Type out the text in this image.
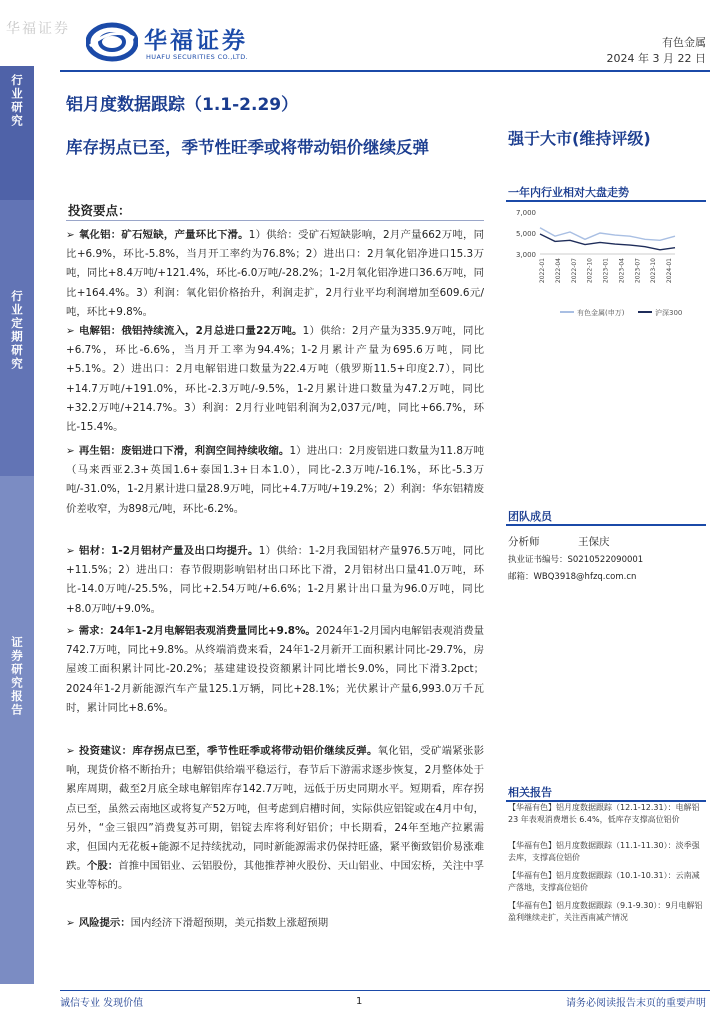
华福证券	华福证券
HUAFU SECURITIES CO.,LTD.
有色金属
2024 年 3 月 22 日
行业研究
行业定期研究
证券研究报告
铝月度数据跟踪（1.1-2.29）
库存拐点已至，季节性旺季或将带动铝价继续反弹	强于大市(维持评级)
投资要点：
➢ 氧化铝：矿石短缺，产量环比下滑。1）供给：受矿石短缺影响，2月产量662万吨，同比+6.9%，环比-5.8%，当月开工率约为76.8%；2）进出口：2月氧化铝净进口15.3万吨，同比+8.4万吨/+121.4%，环比-6.0万吨/-28.2%；1-2月氧化铝净进口36.6万吨，同比+164.4%。3）利润：氧化铝价格抬升，利润走扩，2月行业平均利润增加至609.6元/吨，环比+9.8%。
➢ 电解铝：俄铝持续流入，2月总进口量22万吨。1）供给：2月产量为335.9万吨，同比+6.7%，环比-6.6%，当月开工率为94.4%；1-2月累计产量为695.6万吨，同比+5.1%。2）进出口：2月电解铝进口数量为22.4万吨（俄罗斯11.5+印度2.7），同比+14.7万吨/+191.0%，环比-2.3万吨/-9.5%，1-2月累计进口数量为47.2万吨，同比+32.2万吨/+214.7%。3）利润：2月行业吨铝利润为2,037元/吨，同比+66.7%，环比-15.4%。
➢ 再生铝：废铝进口下滑，利润空间持续收缩。1）进出口：2月废铝进口数量为11.8万吨（马来西亚2.3+英国1.6+泰国1.3+日本1.0），同比-2.3万吨/-16.1%，环比-5.3万吨/-31.0%，1-2月累计进口量28.9万吨，同比+4.7万吨/+19.2%；2）利润：华东铝精废价差收窄，为898元/吨，环比-6.2%。
➢ 铝材：1-2月铝材产量及出口均提升。1）供给：1-2月我国铝材产量976.5万吨，同比+11.5%；2）进出口：春节假期影响铝材出口环比下滑，2月铝材出口量41.0万吨，环比-14.0万吨/-25.5%，同比+2.54万吨/+6.6%；1-2月累计出口量为96.0万吨，同比+8.0万吨/+9.0%。
➢ 需求：24年1-2月电解铝表观消费量同比+9.8%。2024年1-2月国内电解铝表观消费量742.7万吨，同比+9.8%。从终端消费来看，24年1-2月新开工面积累计同比-29.7%，房屋竣工面积累计同比-20.2%；基建建设投资额累计同比增长9.0%，同比下滑3.2pct；2024年1-2月新能源汽车产量125.1万辆，同比+28.1%；光伏累计产量6,993.0万千瓦时，累计同比+8.6%。
➢ 投资建议：库存拐点已至，季节性旺季或将带动铝价继续反弹。氧化铝，受矿端紧张影响，现货价格不断抬升；电解铝供给端平稳运行，春节后下游需求逐步恢复，2月整体处于累库周期，截至2月底全球电解铝库存142.7万吨，远低于历史同期水平。短期看，库存拐点已至，虽然云南地区或将复产52万吨，但考虑到启槽时间，实际供应铝锭或在4月中旬，另外，“金三银四”消费复苏可期，铝锭去库将利好铝价；中长期看，24年至地产拉累需求，但国内无花板+能源不足持续扰动，同时新能源需求仍保持旺盛，紧平衡致铝价易涨难跌。个股：首推中国铝业、云铝股份，其他推荐神火股份、天山铝业、中国宏桥，关注中孚实业等标的。
➢ 风险提示：国内经济下滑超预期，美元指数上涨超预期
一年内行业相对大盘走势
7,000
5,000
3,000
2022-01 2022-04 2022-07 2022-10 2023-01 2023-04 2023-07 2023-10 2024-01
有色金属(申万)	沪深300
团队成员
分析师	王保庆
执业证书编号：S0210522090001
邮箱：WBQ3918@hfzq.com.cn
相关报告
【华福有色】铝月度数据跟踪（12.1-12.31）：电解铝 23 年表观消费增长 6.4%，低库存支撑高位铝价
【华福有色】铝月度数据跟踪（11.1-11.30）：淡季强去库，支撑高位铝价
【华福有色】铝月度数据跟踪（10.1-10.31）：云南减产落地，支撑高位铝价
【华福有色】铝月度数据跟踪（9.1-9.30）：9月电解铝盈利继续走扩，关注西南减产情况
诚信专业 发现价值	1	请务必阅读报告末页的重要声明
